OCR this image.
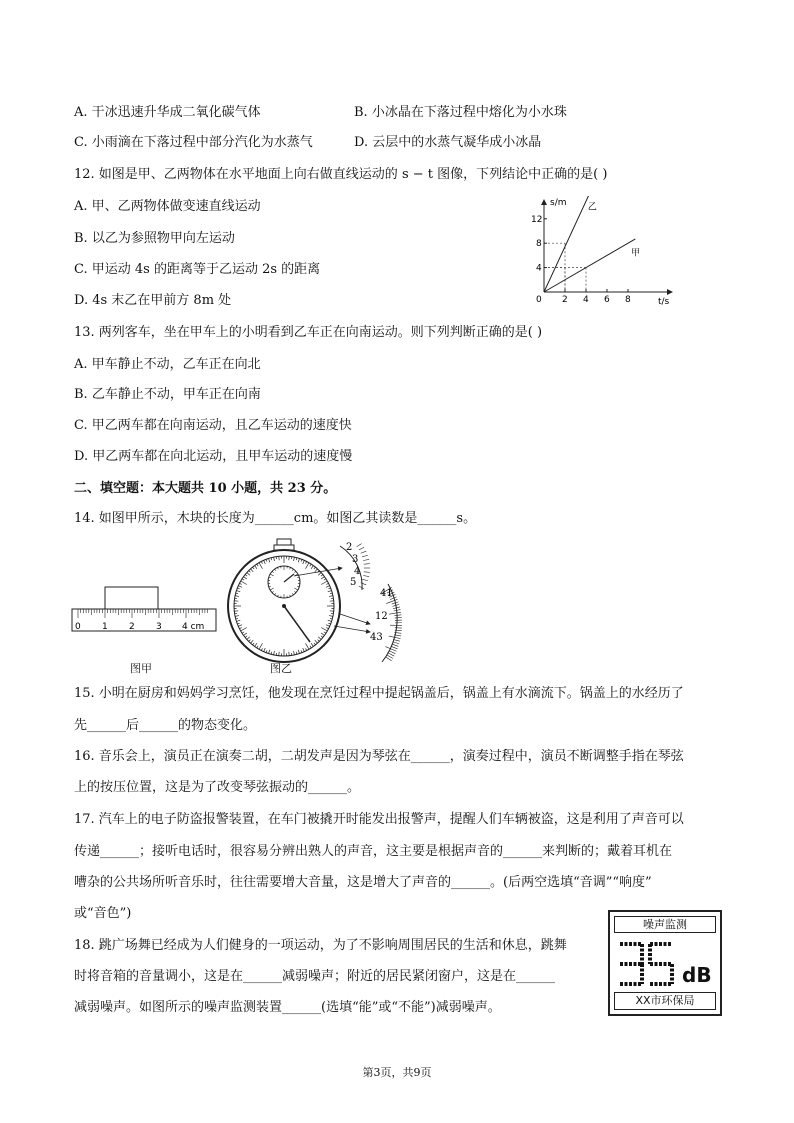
A. 干冰迅速升华成二氧化碳气体	B. 小冰晶在下落过程中熔化为小水珠
C. 小雨滴在下落过程中部分汽化为水蒸气	D. 云层中的水蒸气凝华成小冰晶
12. 如图是甲、乙两物体在水平地面上向右做直线运动的 s − t 图像，下列结论中正确的是( )
A. 甲、乙两物体做变速直线运动
B. 以乙为参照物甲向左运动
C. 甲运动 4s 的距离等于乙运动 2s 的距离
D. 4s 末乙在甲前方 8m 处	2 4 6 8
4
8
12
s/m
t/s
0
乙
甲
13. 两列客车，坐在甲车上的小明看到乙车正在向南运动。则下列判断正确的是( )
A. 甲车静止不动，乙车正在向北
B. 乙车静止不动，甲车正在向南
C. 甲乙两车都在向南运动，且乙车运动的速度快
D. 甲乙两车都在向北运动，且甲车运动的速度慢
二、填空题：本大题共 10 小题，共 23 分。
14. 如图甲所示，木块的长度为______cm。如图乙其读数是______s。
0 1 2 3 4 cm
图甲
2
3
4
5
41
12
43
图乙
15. 小明在厨房和妈妈学习烹饪，他发现在烹饪过程中提起锅盖后，锅盖上有水滴流下。锅盖上的水经历了
先______后______的物态变化。
16. 音乐会上，演员正在演奏二胡，二胡发声是因为琴弦在______，演奏过程中，演员不断调整手指在琴弦
上的按压位置，这是为了改变琴弦振动的______。
17. 汽车上的电子防盗报警装置，在车门被撬开时能发出报警声，提醒人们车辆被盗，这是利用了声音可以
传递______；接听电话时，很容易分辨出熟人的声音，这主要是根据声音的______来判断的；戴着耳机在
嘈杂的公共场所听音乐时，往往需要增大音量，这是增大了声音的______。(后两空选填“音调”“响度”
或“音色”)
18. 跳广场舞已经成为人们健身的一项运动，为了不影响周围居民的生活和休息，跳舞
时将音箱的音量调小，这是在______减弱噪声；附近的居民紧闭窗户，这是在______
减弱噪声。如图所示的噪声监测装置______(选填“能”或“不能”)减弱噪声。
噪声监测
dB
XX市环保局
第3页，共9页
